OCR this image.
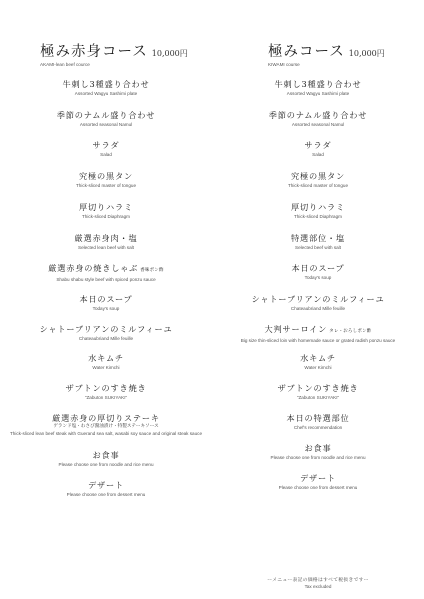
極み赤身コース 10,000円
AKAMI-lean beef cource
牛刺し3種盛り合わせ
Assorted Wagyu Sashimi plate
季節のナムル盛り合わせ
Assorted seasonal Namul
サラダ
Salad
究極の黒タン
Thick-sliced master of tongue
厚切りハラミ
Thick-sliced Diaphragm
厳選赤身肉・塩
Selected lean beef with salt
厳選赤身の焼きしゃぶ 香味ポン酢
Shabu shabu style beef with spiced ponzu sauce
本日のスープ
Today's soup
シャトーブリアンのミルフィーユ
Chateaubriand Mille feuille
水キムチ
Water Kimchi
ザブトンのすき焼き
"Zabuton SUKIYAKI"
厳選赤身の厚切りステーキ
ゲランド塩・わさび醤油漬け・特製ステーキソース
Thick-sliced lean beef steak with Guerand sea salt, wasabi soy sauce and original steak sauce
お食事
Please choose one from noodle and rice menu
デザート
Please choose one from dessert menu
極みコース 10,000円
KIWAMI course
牛刺し3種盛り合わせ
Assorted Wagyu Sashimi plate
季節のナムル盛り合わせ
Assorted seasonal Namul
サラダ
Salad
究極の黒タン
Thick-sliced master of tongue
厚切りハラミ
Thick-sliced Diaphragm
特選部位・塩
Selected beef with salt
本日のスープ
Today's soup
シャトーブリアンのミルフィーユ
Chateaubriand Mille feuille
大判サーロイン タレ・おろしポン酢
Big size thin-sliced loin with homemade sauce or grated radish ponzu sauce
水キムチ
Water Kimchi
ザブトンのすき焼き
"Zabuton SUKIYAKI"
本日の特選部位
Chef's recommendation
お食事
Please choose one from noodle and rice menu
デザート
Please choose one from dessert menu
ーメニュー表記の価格はすべて税抜きですー
Tax excluded
